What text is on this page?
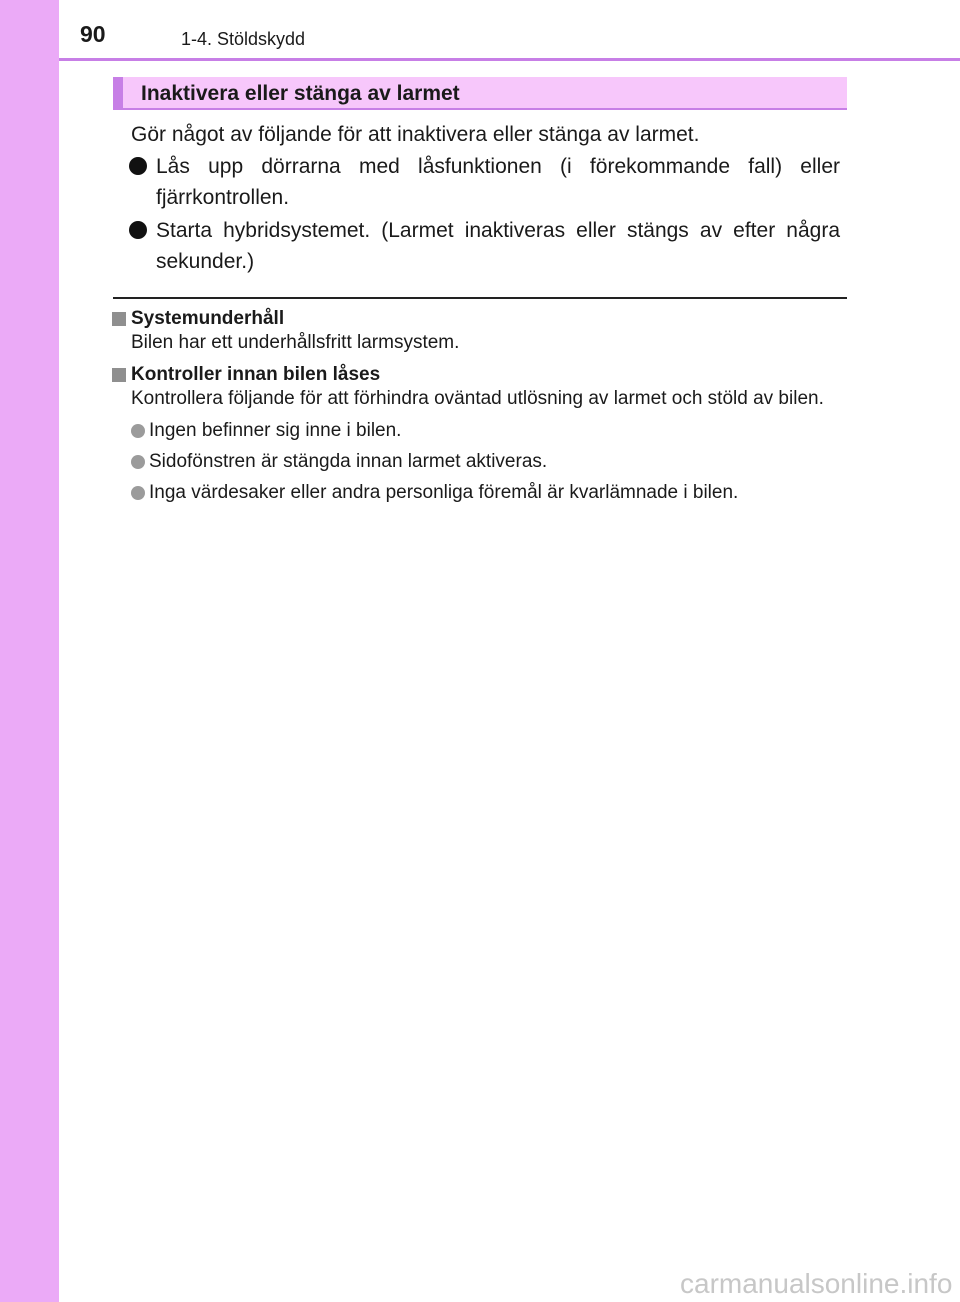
90	1-4. Stöldskydd
Inaktivera eller stänga av larmet
Gör något av följande för att inaktivera eller stänga av larmet.
Lås upp dörrarna med låsfunktionen (i förekommande fall) eller fjärrkontrollen.
Starta hybridsystemet. (Larmet inaktiveras eller stängs av efter några sekunder.)
Systemunderhåll
Bilen har ett underhållsfritt larmsystem.
Kontroller innan bilen låses
Kontrollera följande för att förhindra oväntad utlösning av larmet och stöld av bilen.
Ingen befinner sig inne i bilen.
Sidofönstren är stängda innan larmet aktiveras.
Inga värdesaker eller andra personliga föremål är kvarlämnade i bilen.
carmanualsonline.info
